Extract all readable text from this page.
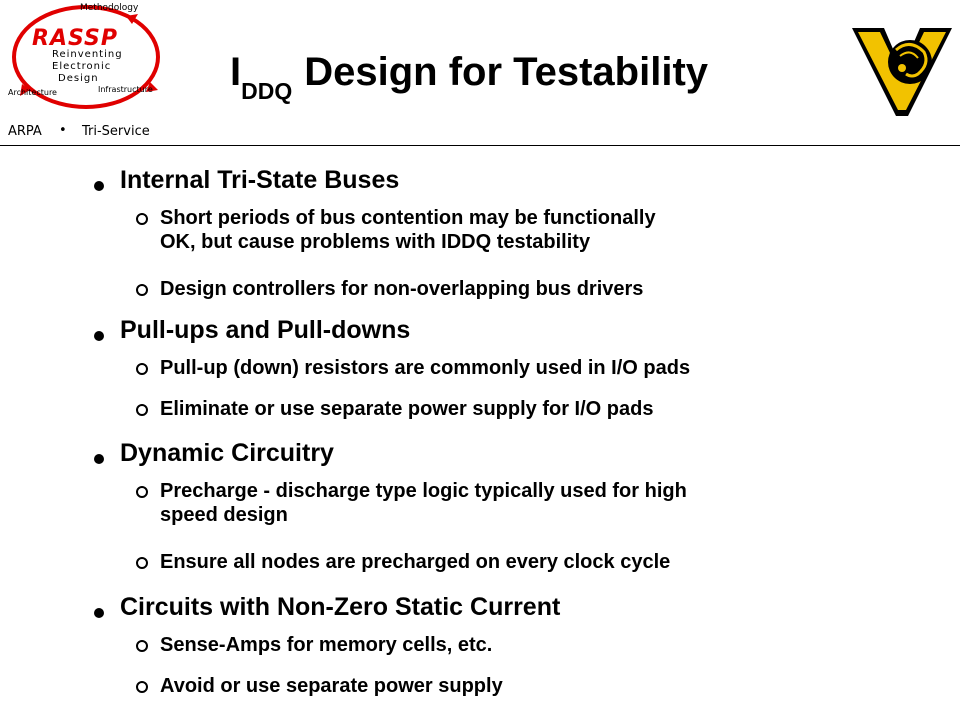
Methodology
RASSP
Reinventing
Electronic
Design
Architecture	Infrastructure
ARPA • Tri-Service
$I_{DDQ}$ Design for Testability
Internal Tri-State Buses
Short periods of bus contention may be functionally
OK, but cause problems with IDDQ testability
Design controllers for non-overlapping bus drivers
Pull-ups and Pull-downs
Pull-up (down) resistors are commonly used in I/O pads
Eliminate or use separate power supply for I/O pads
Dynamic Circuitry
Precharge - discharge type logic typically used for high
speed design
Ensure all nodes are precharged on every clock cycle
Circuits with Non-Zero Static Current
Sense-Amps for memory cells, etc.
Avoid or use separate power supply
